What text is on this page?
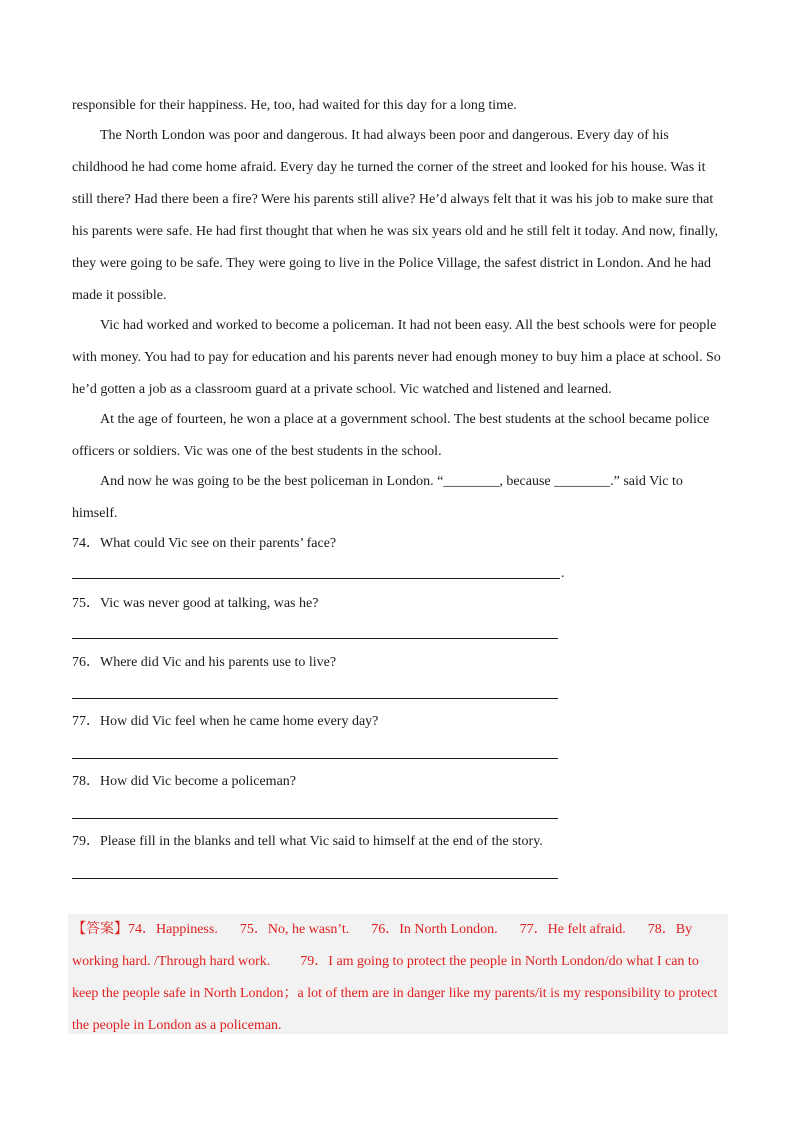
responsible for their happiness. He, too, had waited for this day for a long time.
The North London was poor and dangerous. It had always been poor and dangerous. Every day of his
childhood he had come home afraid. Every day he turned the corner of the street and looked for his house. Was it
still there? Had there been a fire? Were his parents still alive? He’d always felt that it was his job to make sure that
his parents were safe. He had first thought that when he was six years old and he still felt it today. And now, finally,
they were going to be safe. They were going to live in the Police Village, the safest district in London. And he had
made it possible.
Vic had worked and worked to become a policeman. It had not been easy. All the best schools were for people
with money. You had to pay for education and his parents never had enough money to buy him a place at school. So
he’d gotten a job as a classroom guard at a private school. Vic watched and listened and learned.
At the age of fourteen, he won a place at a government school. The best students at the school became police
officers or soldiers. Vic was one of the best students in the school.
And now he was going to be the best policeman in London. “________, because ________.” said Vic to
himself.
74．What could Vic see on their parents’ face?
.
75．Vic was never good at talking, was he?
76．Where did Vic and his parents use to live?
77．How did Vic feel when he came home every day?
78．How did Vic become a policeman?
79．Please fill in the blanks and tell what Vic said to himself at the end of the story.
【答案】74．Happiness. 75．No, he wasn’t. 76．In North London. 77．He felt afraid. 78．By
working hard. /Through hard work. 79．I am going to protect the people in North London/do what I can to
keep the people safe in North London；a lot of them are in danger like my parents/it is my responsibility to protect
the people in London as a policeman.
